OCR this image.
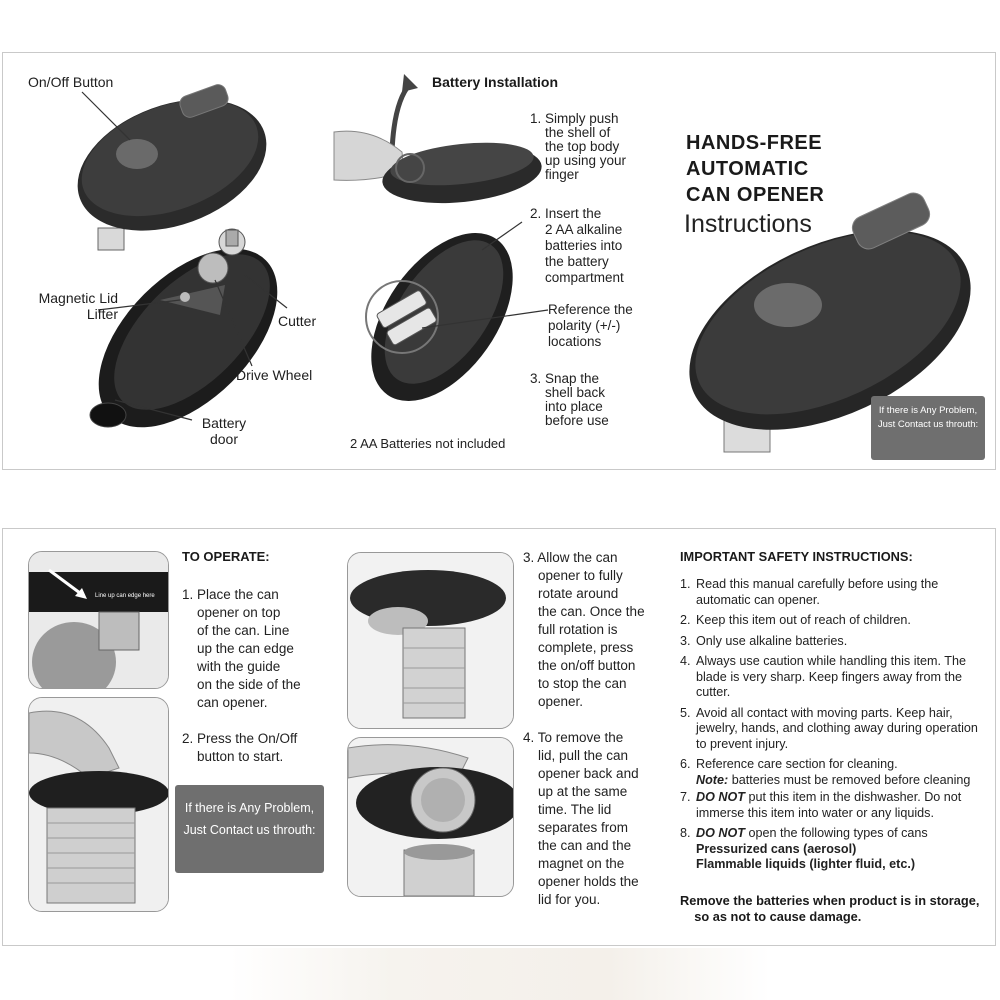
On/Off Button
Magnetic Lid
Lifter	Cutter
Drive Wheel
Battery
door
Battery Installation
1. Simply push
the shell of
the top body
up using your
finger
2. Insert the
2 AA alkaline
batteries into
the battery
compartment
Reference the
polarity (+/-)
locations
3. Snap the
shell back
into place
before use
2 AA Batteries not included
HANDS-FREE
AUTOMATIC
CAN OPENER
Instructions
If there is Any Problem,
Just Contact us throuth:
Line up can edge here
TO OPERATE:
1. Place the can
opener on top
of the can. Line
up the can edge
with the guide
on the side of the
can opener.
2. Press the On/Off
button to start.
If there is Any Problem,
Just Contact us throuth:
3. Allow the can
opener to fully
rotate around
the can. Once the
full rotation is
complete, press
the on/off button
to stop the can
opener.
4. To remove the
lid, pull the can
opener back and
up at the same
time. The lid
separates from
the can and the
magnet on the
opener holds the
lid for you.
IMPORTANT SAFETY INSTRUCTIONS:
1. Read this manual carefully before using the automatic can opener.
2. Keep this item out of reach of children.
3. Only use alkaline batteries.
4. Always use caution while handling this item. The blade is very sharp. Keep fingers away from the cutter.
5. Avoid all contact with moving parts. Keep hair, jewelry, hands, and clothing away during operation to prevent injury.
6. Reference care section for cleaning.
Note: batteries must be removed before cleaning
7. DO NOT put this item in the dishwasher. Do not immerse this item into water or any liquids.
8. DO NOT open the following types of cans
Pressurized cans (aerosol)
Flammable liquids (lighter fluid, etc.)
Remove the batteries when product is in storage,
so as not to cause damage.
